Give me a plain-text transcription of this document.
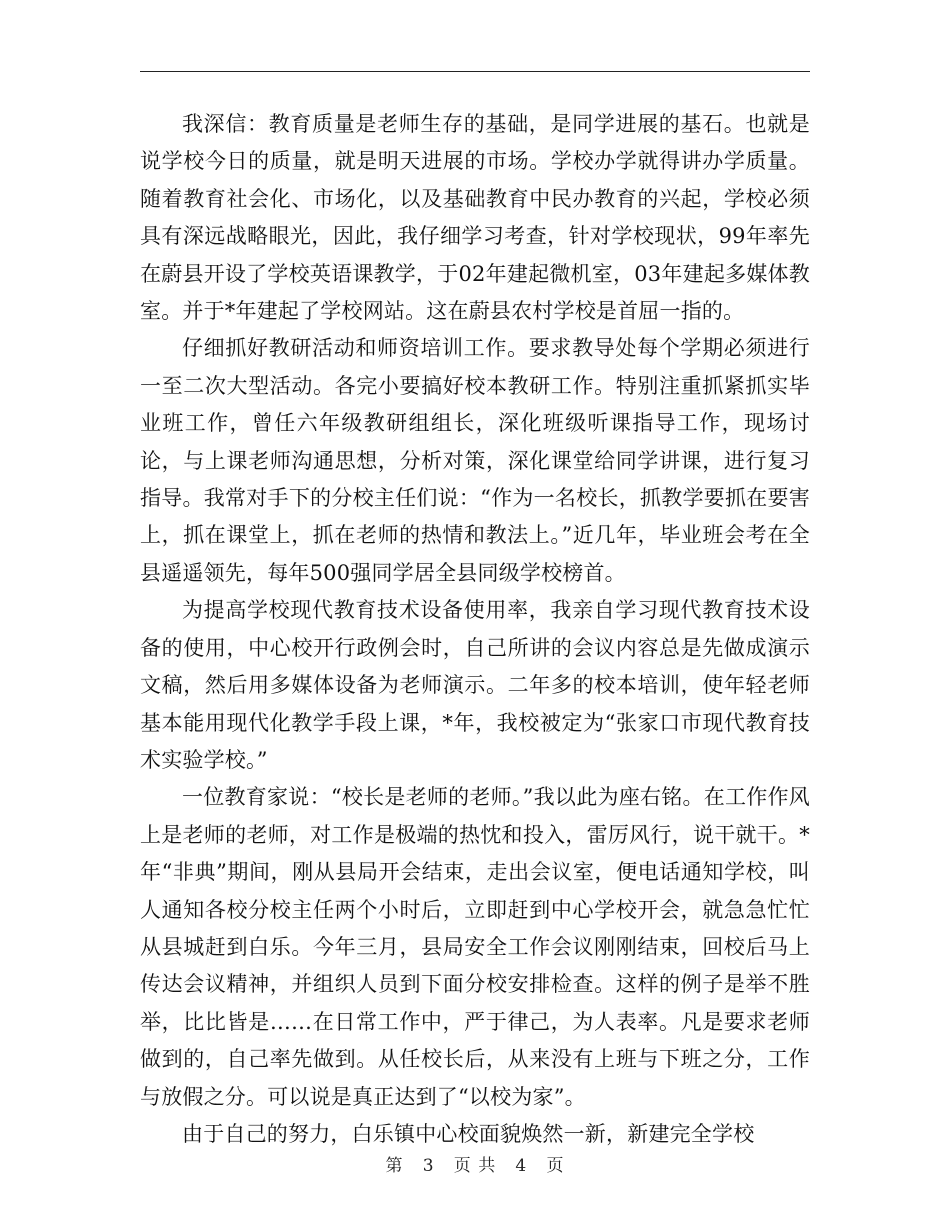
我深信：教育质量是老师生存的基础，是同学进展的基石。也就是说学校今日的质量，就是明天进展的市场。学校办学就得讲办学质量。随着教育社会化、市场化，以及基础教育中民办教育的兴起，学校必须具有深远战略眼光，因此，我仔细学习考查，针对学校现状，99年率先在蔚县开设了学校英语课教学，于02年建起微机室，03年建起多媒体教室。并于*年建起了学校网站。这在蔚县农村学校是首屈一指的。

仔细抓好教研活动和师资培训工作。要求教导处每个学期必须进行一至二次大型活动。各完小要搞好校本教研工作。特别注重抓紧抓实毕业班工作，曾任六年级教研组组长，深化班级听课指导工作，现场讨论，与上课老师沟通思想，分析对策，深化课堂给同学讲课，进行复习指导。我常对手下的分校主任们说：“作为一名校长，抓教学要抓在要害上，抓在课堂上，抓在老师的热情和教法上。”近几年，毕业班会考在全县遥遥领先，每年500强同学居全县同级学校榜首。

为提高学校现代教育技术设备使用率，我亲自学习现代教育技术设备的使用，中心校开行政例会时，自己所讲的会议内容总是先做成演示文稿，然后用多媒体设备为老师演示。二年多的校本培训，使年轻老师基本能用现代化教学手段上课，*年，我校被定为“张家口市现代教育技术实验学校。”

一位教育家说：“校长是老师的老师。”我以此为座右铭。在工作作风上是老师的老师，对工作是极端的热忱和投入，雷厉风行，说干就干。*年“非典”期间，刚从县局开会结束，走出会议室，便电话通知学校，叫人通知各校分校主任两个小时后，立即赶到中心学校开会，就急急忙忙从县城赶到白乐。今年三月，县局安全工作会议刚刚结束，回校后马上传达会议精神，并组织人员到下面分校安排检查。这样的例子是举不胜举，比比皆是……在日常工作中，严于律己，为人表率。凡是要求老师做到的，自己率先做到。从任校长后，从来没有上班与下班之分，工作与放假之分。可以说是真正达到了“以校为家”。

由于自己的努力，白乐镇中心校面貌焕然一新，新建完全学校

第 3 页 共 4 页
